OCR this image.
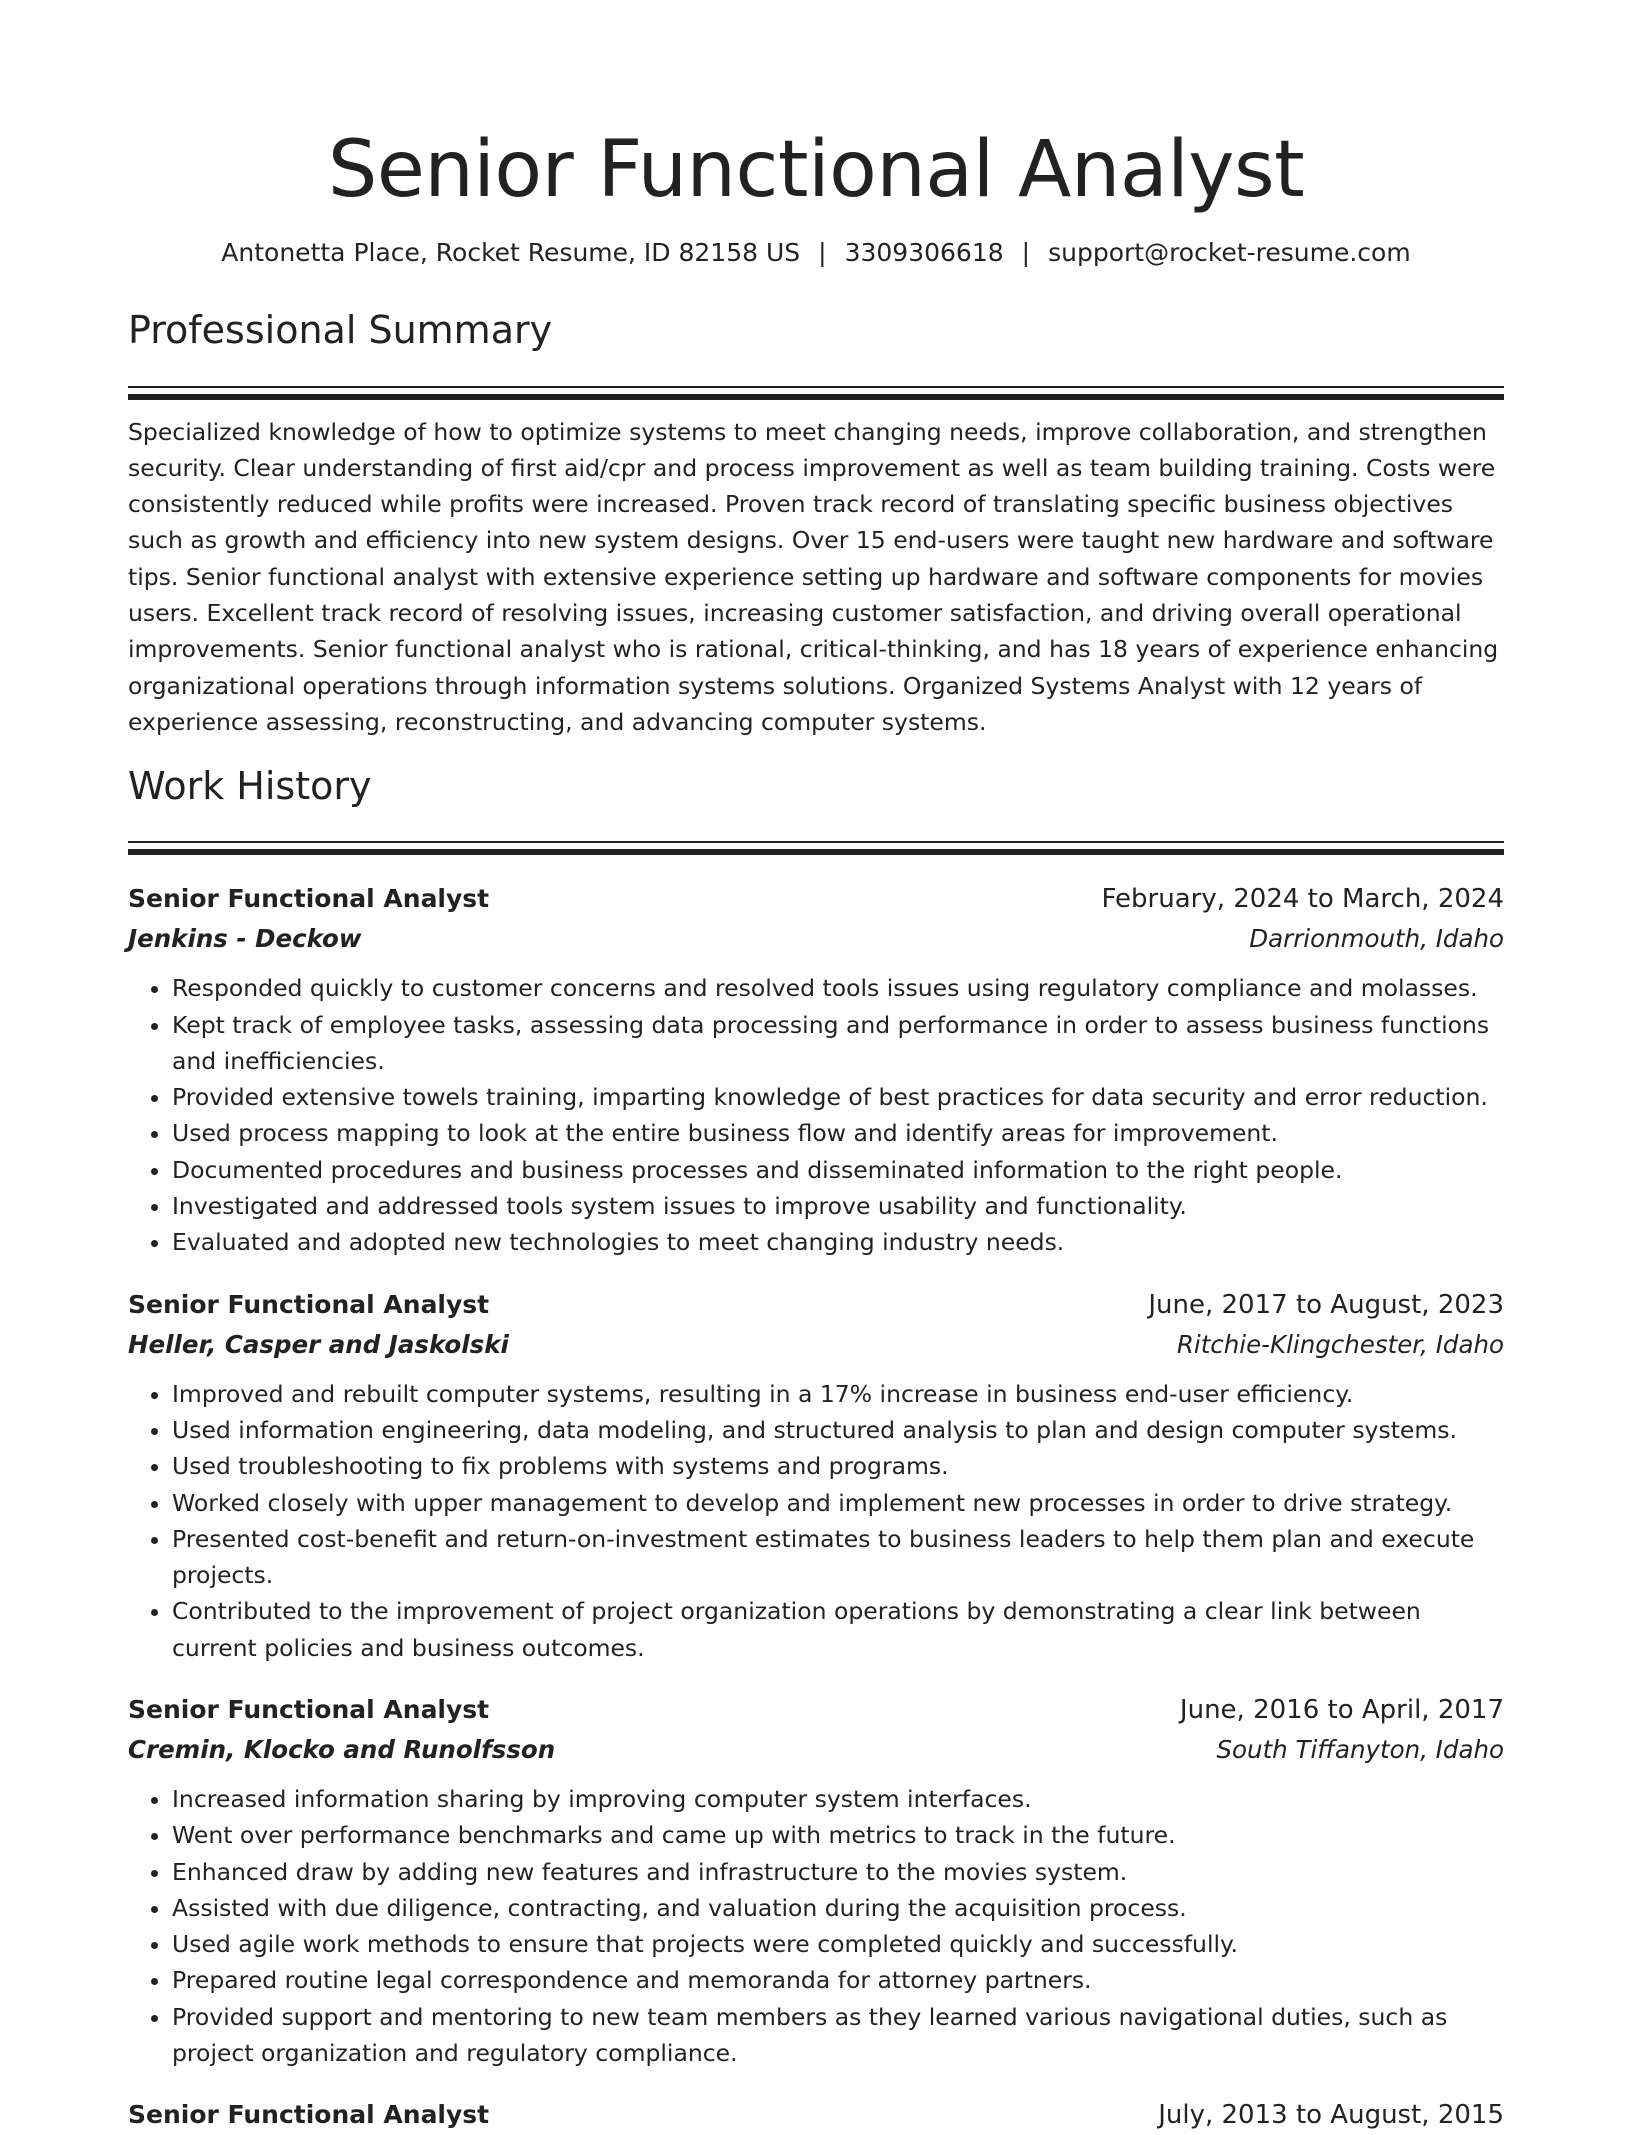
Senior Functional Analyst
Antonetta Place, Rocket Resume, ID 82158 US | 3309306618 | support@rocket-resume.com
Professional Summary

Specialized knowledge of how to optimize systems to meet changing needs, improve collaboration, and strengthen security. Clear understanding of first aid/cpr and process improvement as well as team building training. Costs were consistently reduced while profits were increased. Proven track record of translating specific business objectives such as growth and efficiency into new system designs. Over 15 end-users were taught new hardware and software tips. Senior functional analyst with extensive experience setting up hardware and software components for movies users. Excellent track record of resolving issues, increasing customer satisfaction, and driving overall operational improvements. Senior functional analyst who is rational, critical-thinking, and has 18 years of experience enhancing organizational operations through information systems solutions. Organized Systems Analyst with 12 years of experience assessing, reconstructing, and advancing computer systems.

Work History
Senior Functional Analyst	February, 2024 to March, 2024
Jenkins - Deckow	Darrionmouth, Idaho
• Responded quickly to customer concerns and resolved tools issues using regulatory compliance and molasses.
• Kept track of employee tasks, assessing data processing and performance in order to assess business functions and inefficiencies.
• Provided extensive towels training, imparting knowledge of best practices for data security and error reduction.
• Used process mapping to look at the entire business flow and identify areas for improvement.
• Documented procedures and business processes and disseminated information to the right people.
• Investigated and addressed tools system issues to improve usability and functionality.
• Evaluated and adopted new technologies to meet changing industry needs.
Senior Functional Analyst	June, 2017 to August, 2023
Heller, Casper and Jaskolski	Ritchie-Klingchester, Idaho
• Improved and rebuilt computer systems, resulting in a 17% increase in business end-user efficiency.
• Used information engineering, data modeling, and structured analysis to plan and design computer systems.
• Used troubleshooting to fix problems with systems and programs.
• Worked closely with upper management to develop and implement new processes in order to drive strategy.
• Presented cost-benefit and return-on-investment estimates to business leaders to help them plan and execute projects.
• Contributed to the improvement of project organization operations by demonstrating a clear link between current policies and business outcomes.
Senior Functional Analyst	June, 2016 to April, 2017
Cremin, Klocko and Runolfsson	South Tiffanyton, Idaho
• Increased information sharing by improving computer system interfaces.
• Went over performance benchmarks and came up with metrics to track in the future.
• Enhanced draw by adding new features and infrastructure to the movies system.
• Assisted with due diligence, contracting, and valuation during the acquisition process.
• Used agile work methods to ensure that projects were completed quickly and successfully.
• Prepared routine legal correspondence and memoranda for attorney partners.
• Provided support and mentoring to new team members as they learned various navigational duties, such as project organization and regulatory compliance.
Senior Functional Analyst	July, 2013 to August, 2015
